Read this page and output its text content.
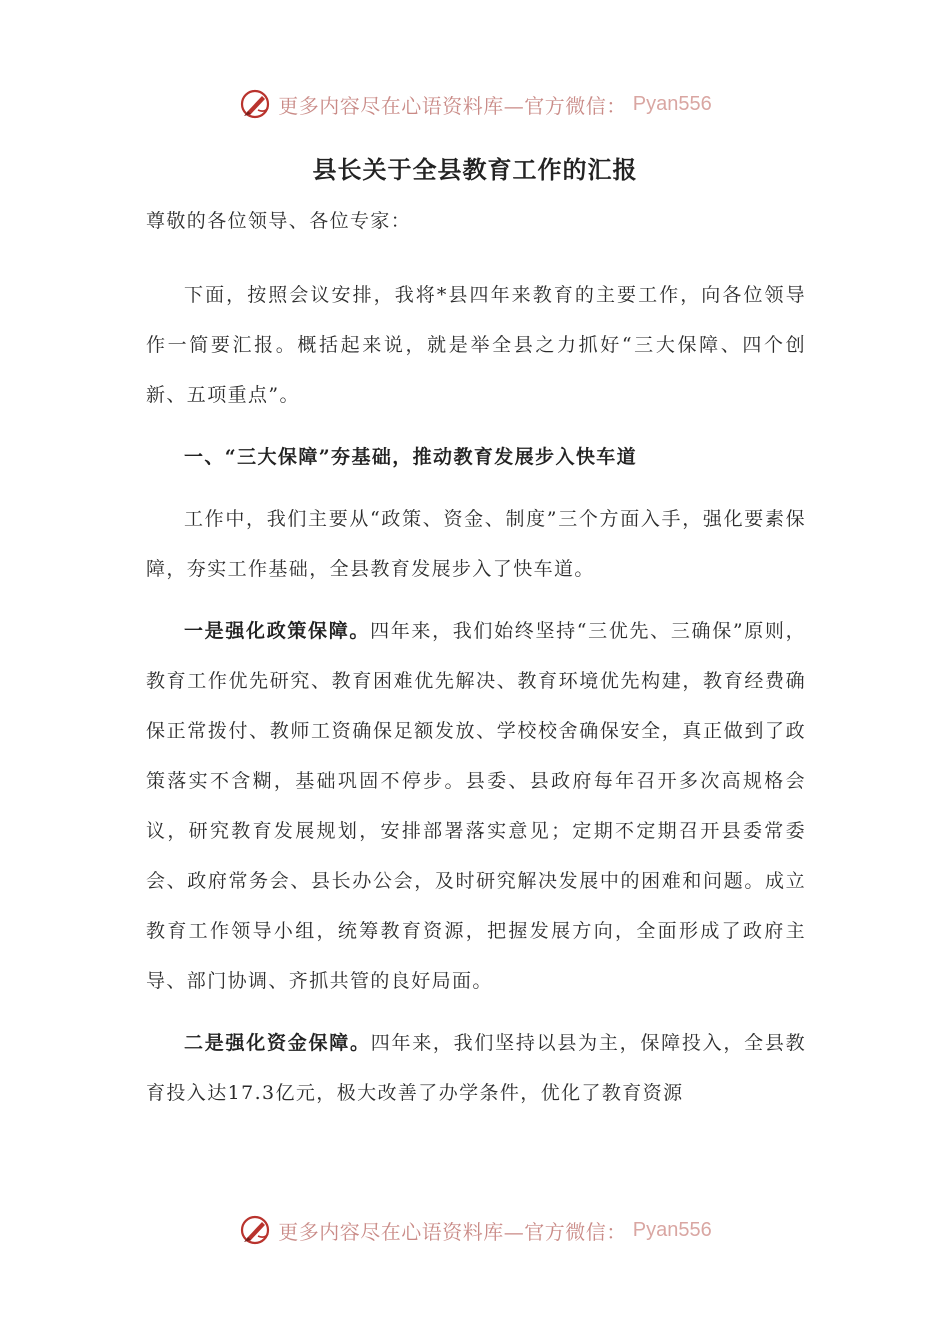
更多内容尽在心语资料库—官方微信： Pyan556
县长关于全县教育工作的汇报

尊敬的各位领导、各位专家：

下面，按照会议安排，我将*县四年来教育的主要工作，向各位领导作一简要汇报。概括起来说，就是举全县之力抓好“三大保障、四个创新、五项重点”。

一、“三大保障”夯基础，推动教育发展步入快车道

工作中，我们主要从“政策、资金、制度”三个方面入手，强化要素保障，夯实工作基础，全县教育发展步入了快车道。

一是强化政策保障。四年来，我们始终坚持“三优先、三确保”原则，教育工作优先研究、教育困难优先解决、教育环境优先构建，教育经费确保正常拨付、教师工资确保足额发放、学校校舍确保安全，真正做到了政策落实不含糊，基础巩固不停步。县委、县政府每年召开多次高规格会议，研究教育发展规划，安排部署落实意见；定期不定期召开县委常委会、政府常务会、县长办公会，及时研究解决发展中的困难和问题。成立教育工作领导小组，统筹教育资源，把握发展方向，全面形成了政府主导、部门协调、齐抓共管的良好局面。

二是强化资金保障。四年来，我们坚持以县为主，保障投入，全县教育投入达17.3亿元，极大改善了办学条件，优化了教育资源

更多内容尽在心语资料库—官方微信： Pyan556
